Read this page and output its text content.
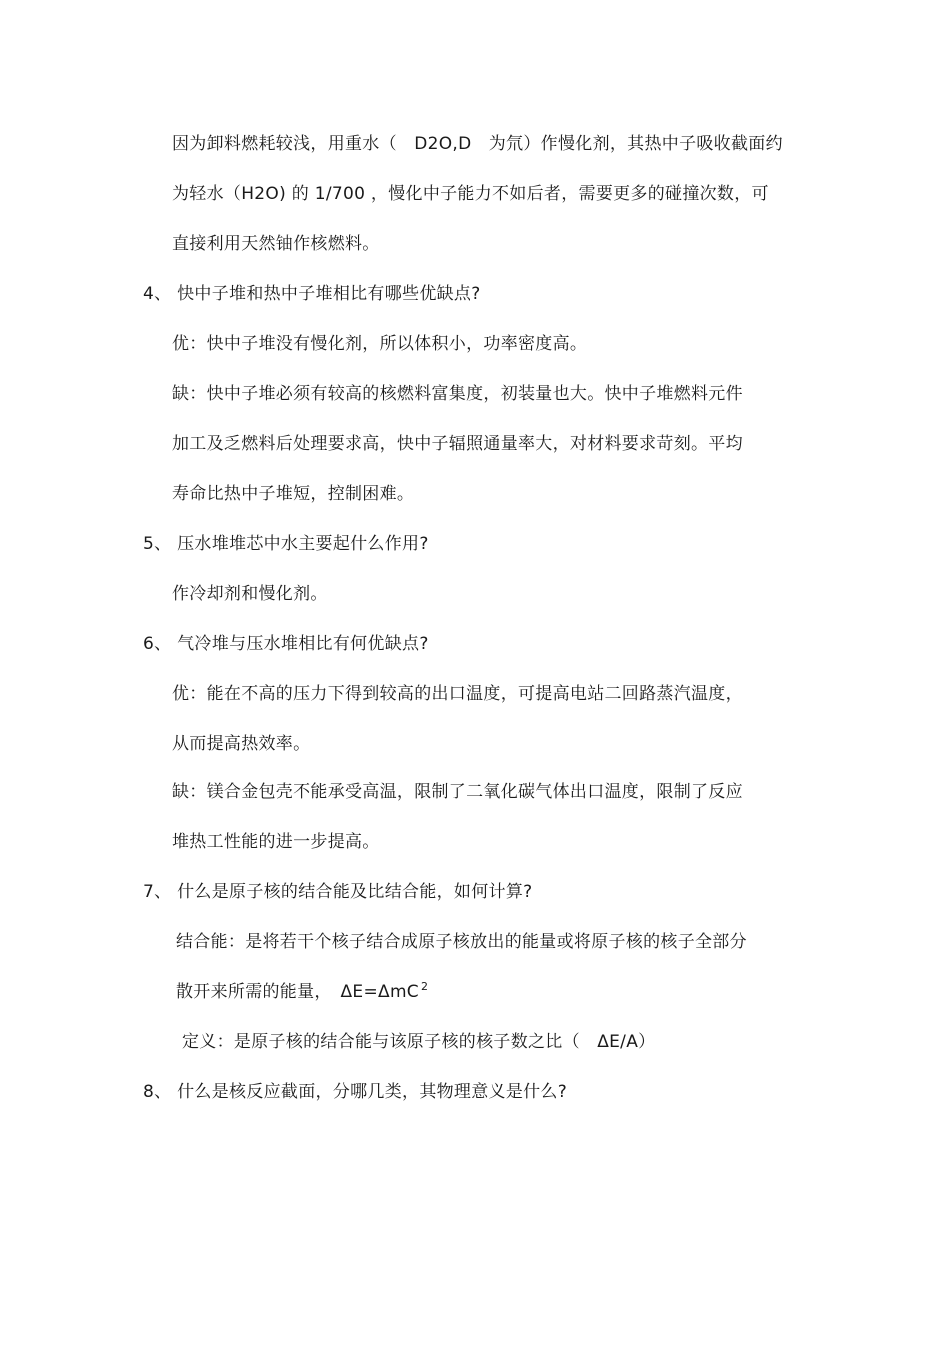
因为卸料燃耗较浅，用重水（　D2O,D　为氘）作慢化剂，其热中子吸收截面约
为轻水（H2O) 的 1/700 ，慢化中子能力不如后者，需要更多的碰撞次数，可
直接利用天然铀作核燃料。
4、 快中子堆和热中子堆相比有哪些优缺点?
优：快中子堆没有慢化剂，所以体积小，功率密度高。
缺：快中子堆必须有较高的核燃料富集度，初装量也大。快中子堆燃料元件
加工及乏燃料后处理要求高，快中子辐照通量率大，对材料要求苛刻。平均
寿命比热中子堆短，控制困难。
5、 压水堆堆芯中水主要起什么作用?
作冷却剂和慢化剂。
6、 气冷堆与压水堆相比有何优缺点?
优：能在不高的压力下得到较高的出口温度，可提高电站二回路蒸汽温度，
从而提高热效率。
缺：镁合金包壳不能承受高温，限制了二氧化碳气体出口温度，限制了反应
堆热工性能的进一步提高。
7、 什么是原子核的结合能及比结合能，如何计算?
结合能：是将若干个核子结合成原子核放出的能量或将原子核的核子全部分
散开来所需的能量，　ΔE=ΔmC $^2$
定义：是原子核的结合能与该原子核的核子数之比（　ΔE/A）
8、 什么是核反应截面，分哪几类，其物理意义是什么?
